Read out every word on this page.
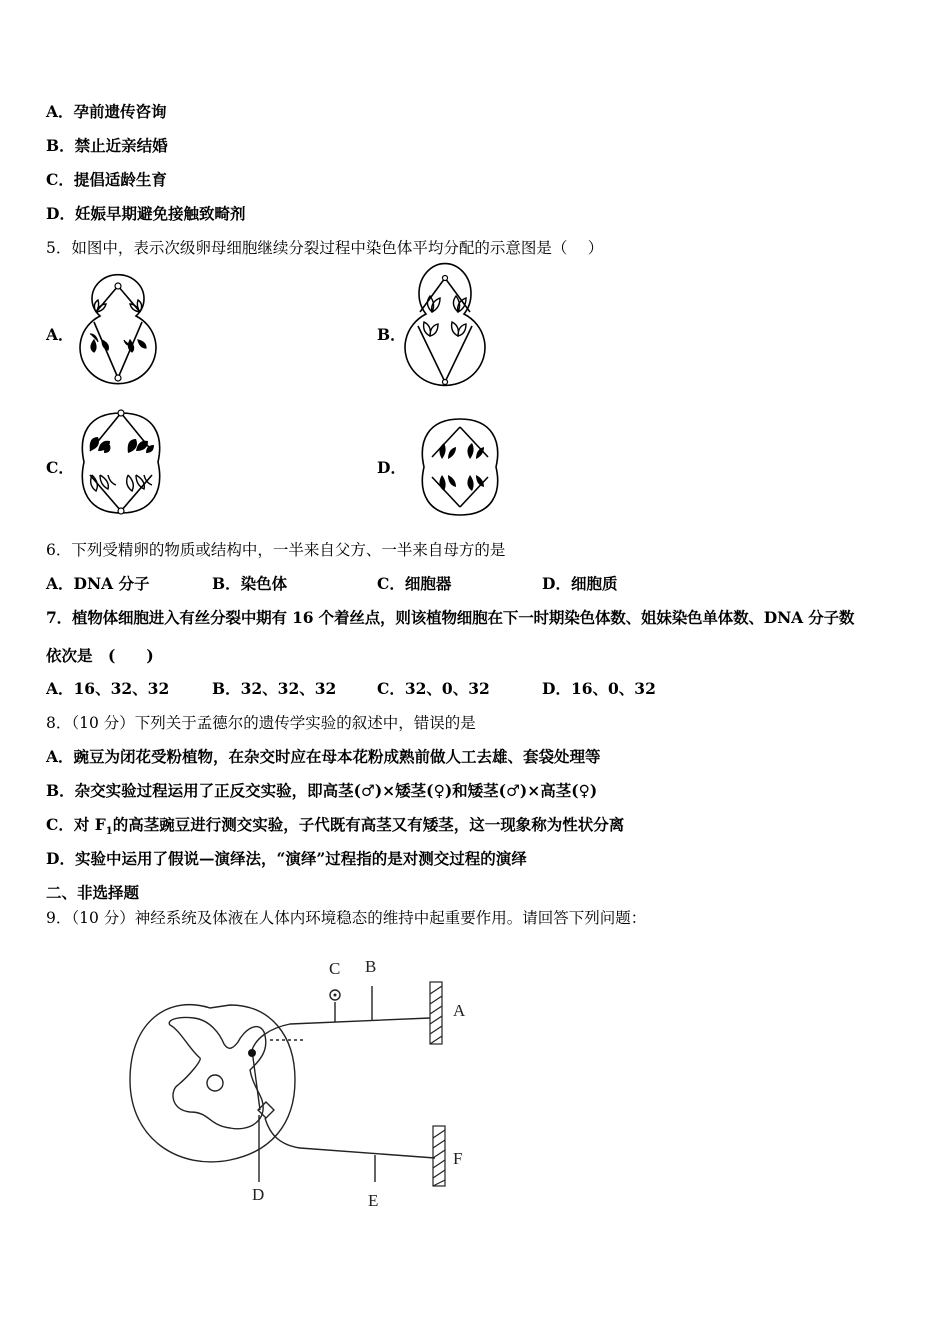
A．孕前遗传咨询
B．禁止近亲结婚
C．提倡适龄生育
D．妊娠早期避免接触致畸剂
5．如图中，表示次级卵母细胞继续分裂过程中染色体平均分配的示意图是（　 ）
A．	B．
C．	D．
6．下列受精卵的物质或结构中，一半来自父方、一半来自母方的是
A．DNA 分子	B．染色体	C．细胞器	D．细胞质
7．植物体细胞进入有丝分裂中期有 16 个着丝点，则该植物细胞在下一时期染色体数、姐妹染色单体数、DNA 分子数
依次是　(　　)
A．16、32、32	B．32、32、32	C．32、0、32	D．16、0、32
8．（10 分）下列关于孟德尔的遗传学实验的叙述中，错误的是
A．豌豆为闭花受粉植物，在杂交时应在母本花粉成熟前做人工去雄、套袋处理等
B．杂交实验过程运用了正反交实验，即高茎(♂)×矮茎(♀)和矮茎(♂)×高茎(♀)
C．对 $F_1$的高茎豌豆进行测交实验，子代既有高茎又有矮茎，这一现象称为性状分离
D．实验中运用了假说—演绎法，“演绎”过程指的是对测交过程的演绎
二、非选择题
9．（10 分）神经系统及体液在人体内环境稳态的维持中起重要作用。请回答下列问题：
C B
A
F
E
D
